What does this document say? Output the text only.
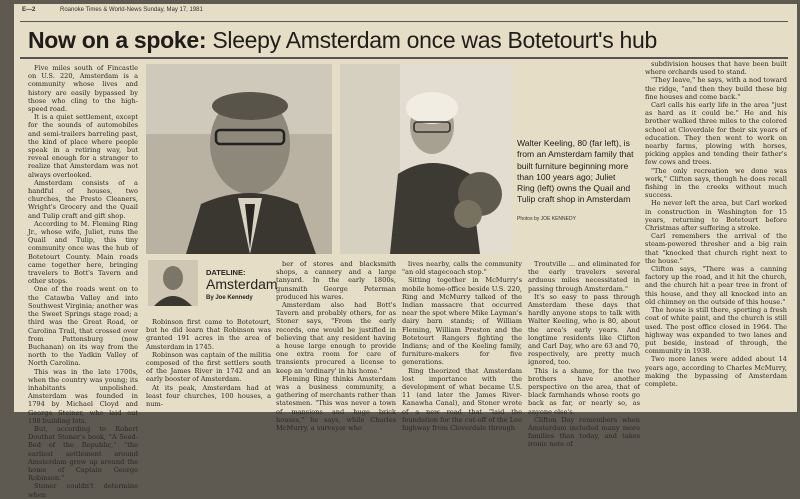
E—2	Roanoke Times & World-News Sunday, May 17, 1981
Now on a spoke: Sleepy Amsterdam once was Botetourt's hub

Five miles south of Fincastle on U.S. 220, Amsterdam is a community whose lives and history are easily bypassed by those who cling to the high-speed road.

It is a quiet settlement, except for the sounds of automobiles and semi-trailers barreling past, the kind of place where people speak in a retiring way, but reveal enough for a stranger to realize that Amsterdam was not always overlooked.

Amsterdam consists of a handful of houses, two churches, the Presto Cleaners, Wright's Grocery and the Quail and Tulip craft and gift shop.

According to M. Fleming Ring Jr., whose wife, Juliet, runs the Quail and Tulip, this tiny community once was the hub of Botetourt County. Main roads came together here, bringing travelers to Bott's Tavern and other stops.

One of the roads went on to the Catawba Valley and into Southwest Virginia; another was the Sweet Springs stage road; a third was the Great Road, or Carolina Trail, that crossed over from Pattonsburg (now Buchanan) on its way from the north to the Yadkin Valley of North Carolina.

This was in the late 1700s, when the country was young; its inhabitants unpolished. Amsterdam was founded in 1794 by Michael Cloyd and George Steiner, who laid out 198 building lots.

But, according to Robert Douthat Stoner's book, "A Seed-Bed of the Republic," "the earliest settlement around Amsterdam grew up around the home of Captain George Robinson."

Stoner couldn't determine when

Walter Keeling, 80 (far left), is from an Amsterdam family that built furniture beginning more than 100 years ago; Juliet Ring (left) owns the Quail and Tulip craft shop in Amsterdam
Photos by JOE KENNEDY

subdivision houses that have been built where orchards used to stand.

"They leave," he says, with a nod toward the ridge, "and then they build these big fine houses and come back."

Carl calls his early life in the area "just as hard as it could be." He and his brother walked three miles to the colored school at Cloverdale for their six years of education. They then went to work on nearby farms, plowing with horses, picking apples and tending their father's few cows and trees.

"The only recreation we done was work," Clifton says, though he does recall fishing in the creeks without much success.

He never left the area, but Carl worked in construction in Washington for 15 years, returning to Botetourt before Christmas after suffering a stroke.

Carl remembers the arrival of the steam-powered thresher and a big rain that "knocked that church right next to the house."

Clifton says, "There was a canning factory up the road, and it hit the church, and the church hit a pear tree in front of this house, and they all knocked into an old chimney on the outside of this house."

The house is still there, sporting a fresh coat of white paint, and the church is still used. The post office closed in 1964. The highway was expanded to two lanes and put beside, instead of through, the community in 1938.

Two more lanes were added about 14 years ago, according to Charles McMurry, making the bypassing of Amsterdam complete.

DATELINE:
Amsterdam
By Joe Kennedy

Robinson first came to Botetourt, but he did learn that Robinson was granted 191 acres in the area of Amsterdam in 1745.

Robinson was captain of the militia composed of the first settlers south of the James River in 1742 and an early booster of Amsterdam.

At its peak, Amsterdam had at least four churches, 100 houses, a num-

ber of stores and blacksmith shops, a cannery and a large tanyard. In the early 1800s, gunsmith George Peterman produced his wares.

Amsterdam also had Bott's Tavern and probably others, for as Stoner says, "From the early records, one would be justified in believing that any resident having a house large enough to provide one extra room for care of transients procured a license to keep an 'ordinary' in his home."

Fleming Ring thinks Amsterdam was a business community, a gathering of merchants rather than statesmen. "This was never a town of mansions and huge brick houses," he says, while Charles McMurry, a surveyor who

lives nearby, calls the community "an old stagecoach stop."

Sitting together in McMurry's mobile home-office beside U.S. 220, Ring and McMurry talked of the Indian massacre that occurred near the spot where Mike Layman's dairy barn stands; of William Fleming, William Preston and the Botetourt Rangers fighting the Indians; and of the Keeling family, furniture-makers for five generations.

Ring theorized that Amsterdam lost importance with the development of what became U.S. 11 (and later the James River-Kanawha Canal), and Stoner wrote of a new road that "laid the foundation for the cut-off of the Lee highway from Cloverdale through

Troutville ... and eliminated for the early travelers several arduous miles necessitated in passing through Amsterdam."

It's so easy to pass through Amsterdam these days that hardly anyone stops to talk with Walter Keeling, who is 80, about the area's early years. And longtime residents like Clifton and Carl Day, who are 63 and 70, respectively, are pretty much ignored, too.

This is a shame, for the two brothers have another perspective on the area, that of black farmhands whose roots go back as far, or nearly so, as anyone else's.

Clifton Day remembers when Amsterdam included many more families than today, and takes ironic note of
